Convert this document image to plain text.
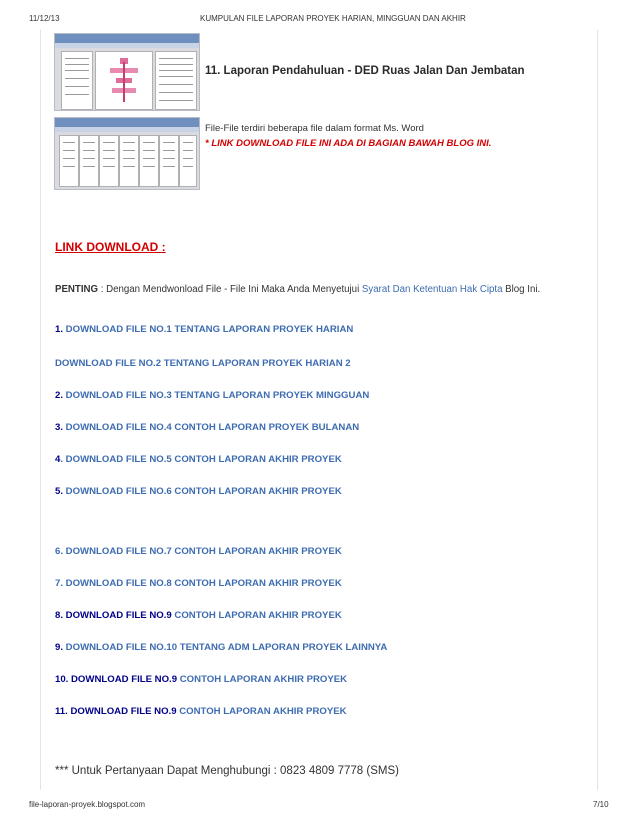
11/12/13	KUMPULAN FILE LAPORAN PROYEK HARIAN, MINGGUAN DAN AKHIR
11. Laporan Pendahuluan - DED Ruas Jalan Dan Jembatan
File-File terdiri beberapa file dalam format Ms. Word
* LINK DOWNLOAD FILE INI ADA DI BAGIAN BAWAH BLOG INI.
LINK DOWNLOAD :
PENTING : Dengan Mendwonload File - File Ini Maka Anda Menyetujui Syarat Dan Ketentuan Hak Cipta Blog Ini.
1. DOWNLOAD FILE NO.1 TENTANG LAPORAN PROYEK HARIAN
DOWNLOAD FILE NO.2 TENTANG LAPORAN PROYEK HARIAN 2
2. DOWNLOAD FILE NO.3 TENTANG LAPORAN PROYEK MINGGUAN
3. DOWNLOAD FILE NO.4 CONTOH LAPORAN PROYEK BULANAN
4. DOWNLOAD FILE NO.5 CONTOH LAPORAN AKHIR PROYEK
5. DOWNLOAD FILE NO.6 CONTOH LAPORAN AKHIR PROYEK
6. DOWNLOAD FILE NO.7 CONTOH LAPORAN AKHIR PROYEK
7. DOWNLOAD FILE NO.8 CONTOH LAPORAN AKHIR PROYEK
8. DOWNLOAD FILE NO.9 CONTOH LAPORAN AKHIR PROYEK
9. DOWNLOAD FILE NO.10 TENTANG ADM LAPORAN PROYEK LAINNYA
10. DOWNLOAD FILE NO.9 CONTOH LAPORAN AKHIR PROYEK
11. DOWNLOAD FILE NO.9 CONTOH LAPORAN AKHIR PROYEK
*** Untuk Pertanyaan Dapat Menghubungi : 0823 4809 7778 (SMS)
file-laporan-proyek.blogspot.com	7/10
